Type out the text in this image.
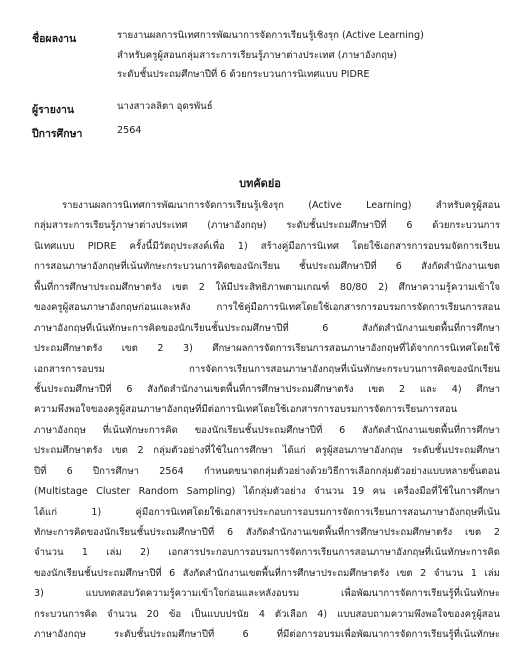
ชื่อผลงาน	รายงานผลการนิเทศการพัฒนาการจัดการเรียนรู้เชิงรุก (Active Learning)
สำหรับครูผู้สอนกลุ่มสาระการเรียนรู้ภาษาต่างประเทศ (ภาษาอังกฤษ)
ระดับชั้นประถมศึกษาปีที่ 6 ด้วยกระบวนการนิเทศแบบ PIDRE
ผู้รายงาน	นางสาวลลิตา อุดรพันธ์
ปีการศึกษา	2564
บทคัดย่อ
รายงานผลการนิเทศการพัฒนาการจัดการเรียนรู้เชิงรุก (Active Learning) สำหรับครูผู้สอน
กลุ่มสาระการเรียนรู้ภาษาต่างประเทศ (ภาษาอังกฤษ) ระดับชั้นประถมศึกษาปีที่ 6 ด้วยกระบวนการ
นิเทศแบบ PIDRE ครั้งนี้มีวัตถุประสงค์เพื่อ 1) สร้างคู่มือการนิเทศ โดยใช้เอกสารการอบรมจัดการเรียน
การสอนภาษาอังกฤษที่เน้นทักษะกระบวนการคิดของนักเรียน ชั้นประถมศึกษาปีที่ 6 สังกัดสำนักงานเขต
พื้นที่การศึกษาประถมศึกษาตรัง เขต 2 ให้มีประสิทธิภาพตามเกณฑ์ 80/80 2) ศึกษาความรู้ความเข้าใจ
ของครูผู้สอนภาษาอังกฤษก่อนและหลัง การใช้คู่มือการนิเทศโดยใช้เอกสารการอบรมการจัดการเรียนการสอน
ภาษาอังกฤษที่เน้นทักษะการคิดของนักเรียนชั้นประถมศึกษาปีที่ 6 สังกัดสำนักงานเขตพื้นที่การศึกษา
ประถมศึกษาตรัง เขต 2 3) ศึกษาผลการจัดการเรียนการสอนภาษาอังกฤษที่ได้จากการนิเทศโดยใช้
เอกสารการอบรม การจัดการเรียนการสอนภาษาอังกฤษที่เน้นทักษะกระบวนการคิดของนักเรียน
ชั้นประถมศึกษาปีที่ 6 สังกัดสำนักงานเขตพื้นที่การศึกษาประถมศึกษาตรัง เขต 2 และ 4) ศึกษา
ความพึงพอใจของครูผู้สอนภาษาอังกฤษที่มีต่อการนิเทศโดยใช้เอกสารการอบรมการจัดการเรียนการสอน
ภาษาอังกฤษ ที่เน้นทักษะการคิด ของนักเรียนชั้นประถมศึกษาปีที่ 6 สังกัดสำนักงานเขตพื้นที่การศึกษา
ประถมศึกษาตรัง เขต 2 กลุ่มตัวอย่างที่ใช้ในการศึกษา ได้แก่ ครูผู้สอนภาษาอังกฤษ ระดับชั้นประถมศึกษา
ปีที่ 6 ปีการศึกษา 2564 กำหนดขนาดกลุ่มตัวอย่างด้วยวิธีการเลือกกลุ่มตัวอย่างแบบหลายขั้นตอน
(Multistage Cluster Random Sampling) ได้กลุ่มตัวอย่าง จำนวน 19 คน เครื่องมือที่ใช้ในการศึกษา
ได้แก่ 1) คู่มือการนิเทศโดยใช้เอกสารประกอบการอบรมการจัดการเรียนการสอนภาษาอังกฤษที่เน้น
ทักษะการคิดของนักเรียนชั้นประถมศึกษาปีที่ 6 สังกัดสำนักงานเขตพื้นที่การศึกษาประถมศึกษาตรัง เขต 2
จำนวน 1 เล่ม 2) เอกสารประกอบการอบรมการจัดการเรียนการสอนภาษาอังกฤษที่เน้นทักษะการคิด
ของนักเรียนชั้นประถมศึกษาปีที่ 6 สังกัดสำนักงานเขตพื้นที่การศึกษาประถมศึกษาตรัง เขต 2 จำนวน 1 เล่ม
3) แบบทดสอบวัดความรู้ความเข้าใจก่อนและหลังอบรม เพื่อพัฒนาการจัดการเรียนรู้ที่เน้นทักษะ
กระบวนการคิด จำนวน 20 ข้อ เป็นแบบปรนัย 4 ตัวเลือก 4) แบบสอบถามความพึงพอใจของครูผู้สอน
ภาษาอังกฤษ ระดับชั้นประถมศึกษาปีที่ 6 ที่มีต่อการอบรมเพื่อพัฒนาการจัดการเรียนรู้ที่เน้นทักษะ
